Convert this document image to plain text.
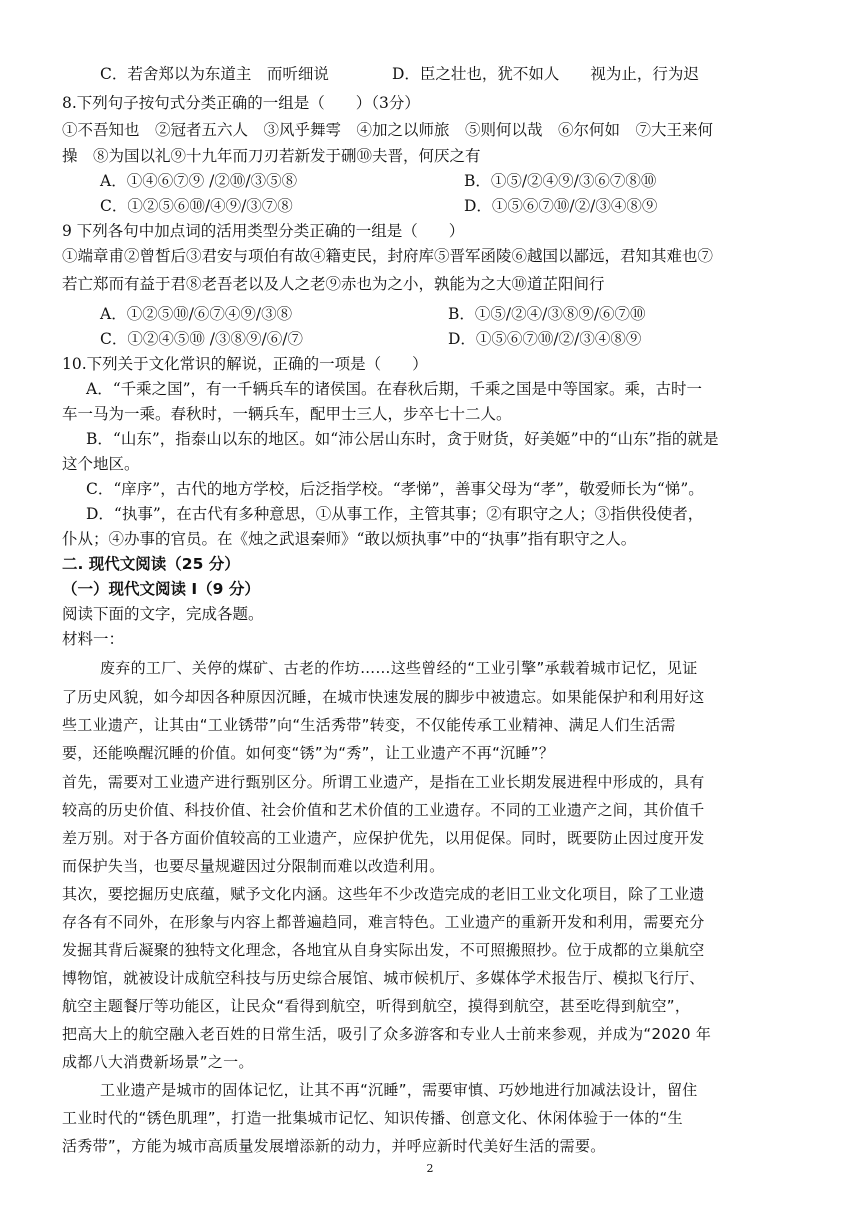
C．若舍郑以为东道主　而听细说	D．臣之壮也，犹不如人　　视为止，行为迟
8.下列句子按句式分类正确的一组是（　　）（3分）
①不吾知也　②冠者五六人　③风乎舞雩　④加之以师旅　⑤则何以哉　⑥尔何如　⑦大王来何
操　⑧为国以礼⑨十九年而刀刃若新发于硎⑩夫晋，何厌之有
A．①④⑥⑦⑨ /②⑩/③⑤⑧	B．①⑤/②④⑨/③⑥⑦⑧⑩
C．①②⑤⑥⑩/④⑨/③⑦⑧	D．①⑤⑥⑦⑩/②/③④⑧⑨
9 下列各句中加点词的活用类型分类正确的一组是（　　）
①端章甫②曾皙后③君安与项伯有故④籍吏民，封府库⑤晋军函陵⑥越国以鄙远，君知其难也⑦
若亡郑而有益于君⑧老吾老以及人之老⑨赤也为之小，孰能为之大⑩道芷阳间行
A．①②⑤⑩/⑥⑦④⑨/③⑧	B．①⑤/②④/③⑧⑨/⑥⑦⑩
C．①②④⑤⑩ /③⑧⑨/⑥/⑦	D．①⑤⑥⑦⑩/②/③④⑧⑨
10.下列关于文化常识的解说，正确的一项是（　　）
A．“千乘之国”，有一千辆兵车的诸侯国。在春秋后期，千乘之国是中等国家。乘，古时一
车一马为一乘。春秋时，一辆兵车，配甲士三人，步卒七十二人。
B．“山东”，指泰山以东的地区。如“沛公居山东时，贪于财货，好美姬”中的“山东”指的就是
这个地区。
C．“庠序”，古代的地方学校，后泛指学校。“孝悌”，善事父母为“孝”，敬爱师长为“悌”。
D．“执事”，在古代有多种意思，①从事工作，主管其事；②有职守之人；③指供役使者，
仆从；④办事的官员。在《烛之武退秦师》“敢以烦执事”中的“执事”指有职守之人。
二. 现代文阅读（25 分）
（一）现代文阅读 I（9 分）
阅读下面的文字，完成各题。
材料一：
废弃的工厂、关停的煤矿、古老的作坊……这些曾经的“工业引擎”承载着城市记忆，见证
了历史风貌，如今却因各种原因沉睡，在城市快速发展的脚步中被遗忘。如果能保护和利用好这
些工业遗产，让其由“工业锈带”向“生活秀带”转变，不仅能传承工业精神、满足人们生活需
要，还能唤醒沉睡的价值。如何变“锈”为“秀”，让工业遗产不再“沉睡”？
首先，需要对工业遗产进行甄别区分。所谓工业遗产，是指在工业长期发展进程中形成的，具有
较高的历史价值、科技价值、社会价值和艺术价值的工业遗存。不同的工业遗产之间，其价值千
差万别。对于各方面价值较高的工业遗产，应保护优先，以用促保。同时，既要防止因过度开发
而保护失当，也要尽量规避因过分限制而难以改造利用。
其次，要挖掘历史底蕴，赋予文化内涵。这些年不少改造完成的老旧工业文化项目，除了工业遗
存各有不同外，在形象与内容上都普遍趋同，难言特色。工业遗产的重新开发和利用，需要充分
发掘其背后凝聚的独特文化理念，各地宜从自身实际出发，不可照搬照抄。位于成都的立巢航空
博物馆，就被设计成航空科技与历史综合展馆、城市候机厅、多媒体学术报告厅、模拟飞行厅、
航空主题餐厅等功能区，让民众“看得到航空，听得到航空，摸得到航空，甚至吃得到航空”，
把高大上的航空融入老百姓的日常生活，吸引了众多游客和专业人士前来参观，并成为“2020 年
成都八大消费新场景”之一。
工业遗产是城市的固体记忆，让其不再“沉睡”，需要审慎、巧妙地进行加减法设计，留住
工业时代的“锈色肌理”，打造一批集城市记忆、知识传播、创意文化、休闲体验于一体的“生
活秀带”，方能为城市高质量发展增添新的动力，并呼应新时代美好生活的需要。
2
